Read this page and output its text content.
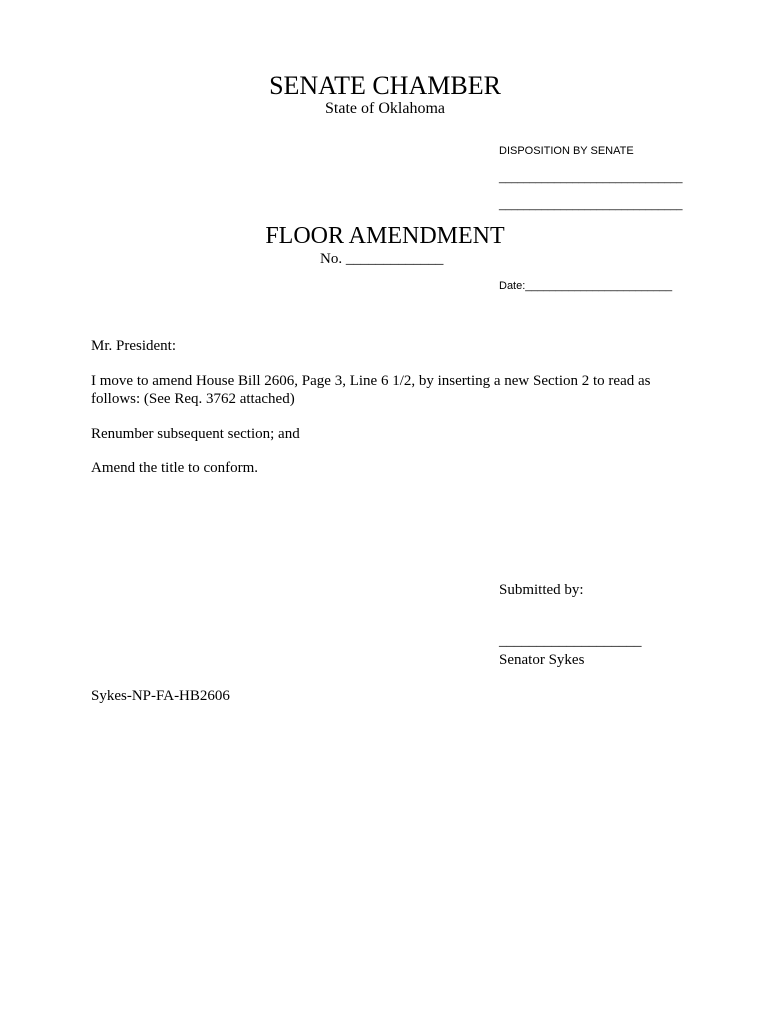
SENATE CHAMBER
State of Oklahoma
DISPOSITION BY SENATE
______________________________
______________________________
FLOOR AMENDMENT
No. _____________
Date:________________________
Mr. President:
I move to amend House Bill 2606, Page 3, Line 6 1/2, by inserting a new Section 2 to read as follows: (See Req. 3762 attached)
Renumber subsequent section; and
Amend the title to conform.
Submitted by:
___________________
Senator Sykes
Sykes-NP-FA-HB2606
